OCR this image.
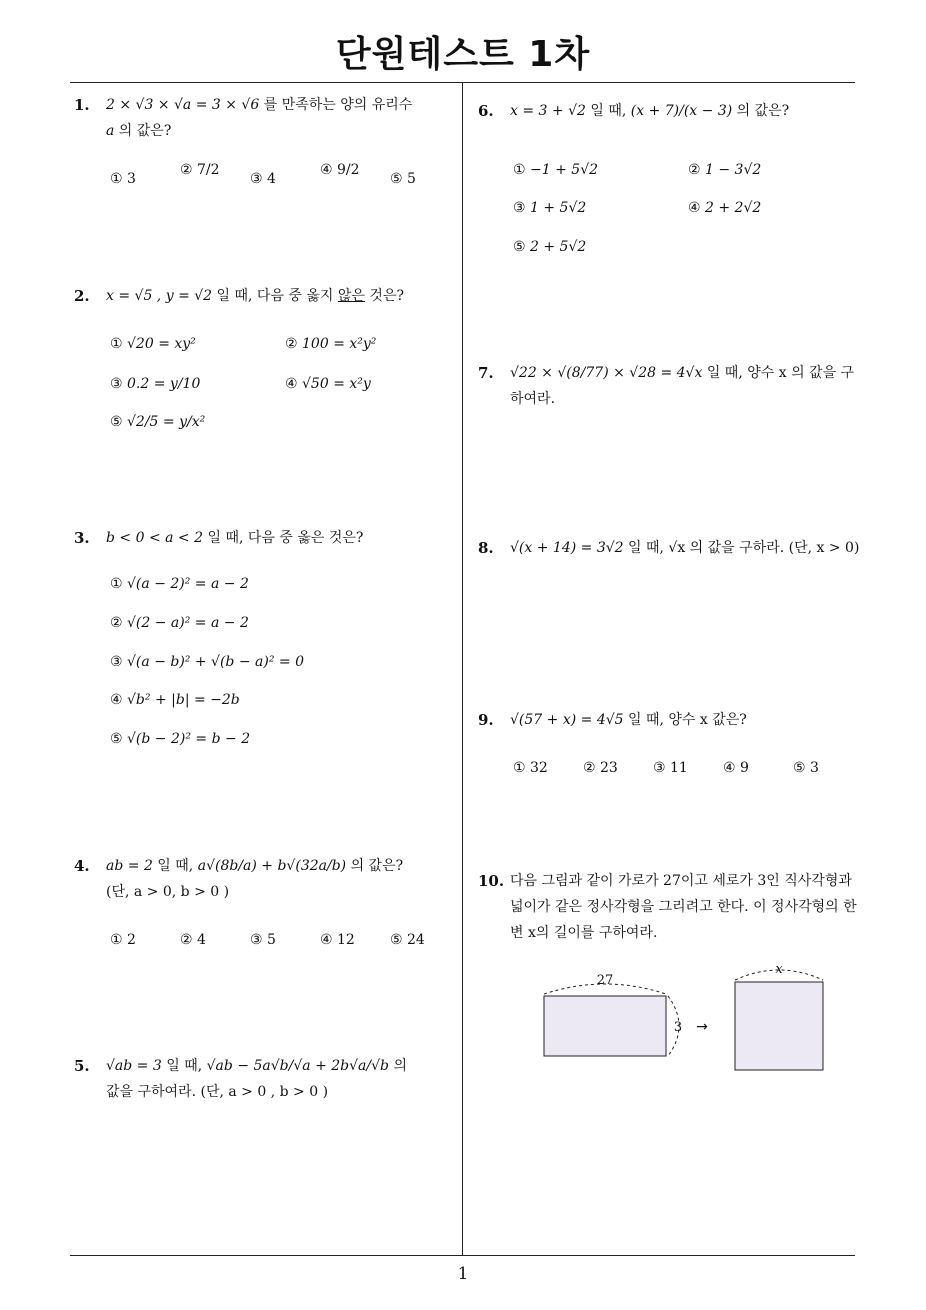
단원테스트 1차
1
1. 2 × √3 × √a = 3 × √6 를 만족하는 양의 유리수 a 의 값은?
① 3
② 7/2
③ 4
④ 9/2
⑤ 5
2. x = √5 , y = √2 일 때, 다음 중 옳지 않은 것은?
① √20 = xy²	② 100 = x²y²
③ 0.2 = y/10	④ √50 = x²y
⑤ √2/5 = y/x²
3. b < 0 < a < 2 일 때, 다음 중 옳은 것은?
① √(a − 2)² = a − 2
② √(2 − a)² = a − 2
③ √(a − b)² + √(b − a)² = 0
④ √b² + |b| = −2b
⑤ √(b − 2)² = b − 2
4. ab = 2 일 때, a√(8b/a) + b√(32a/b) 의 값은? (단, a > 0, b > 0 )
① 2	② 4	③ 5	④ 12	⑤ 24
5. √ab = 3 일 때, √ab − 5a√b/√a + 2b√a/√b 의 값을 구하여라. (단, a > 0 , b > 0 )
6. x = 3 + √2 일 때, (x + 7)/(x − 3) 의 값은?
① −1 + 5√2	② 1 − 3√2
③ 1 + 5√2	④ 2 + 2√2
⑤ 2 + 5√2
7. √22 × √(8/77) × √28 = 4√x 일 때, 양수 x 의 값을 구하여라.
8. √(x + 14) = 3√2 일 때, √x 의 값을 구하라. (단, x > 0)
9. √(57 + x) = 4√5 일 때, 양수 x 값은?
① 32	② 23	③ 11	④ 9	⑤ 3
10. 다음 그림과 같이 가로가 27이고 세로가 3인 직사각형과 넓이가 같은 정사각형을 그리려고 한다. 이 정사각형의 한 변 x의 길이를 구하여라.
27
3 →
x
